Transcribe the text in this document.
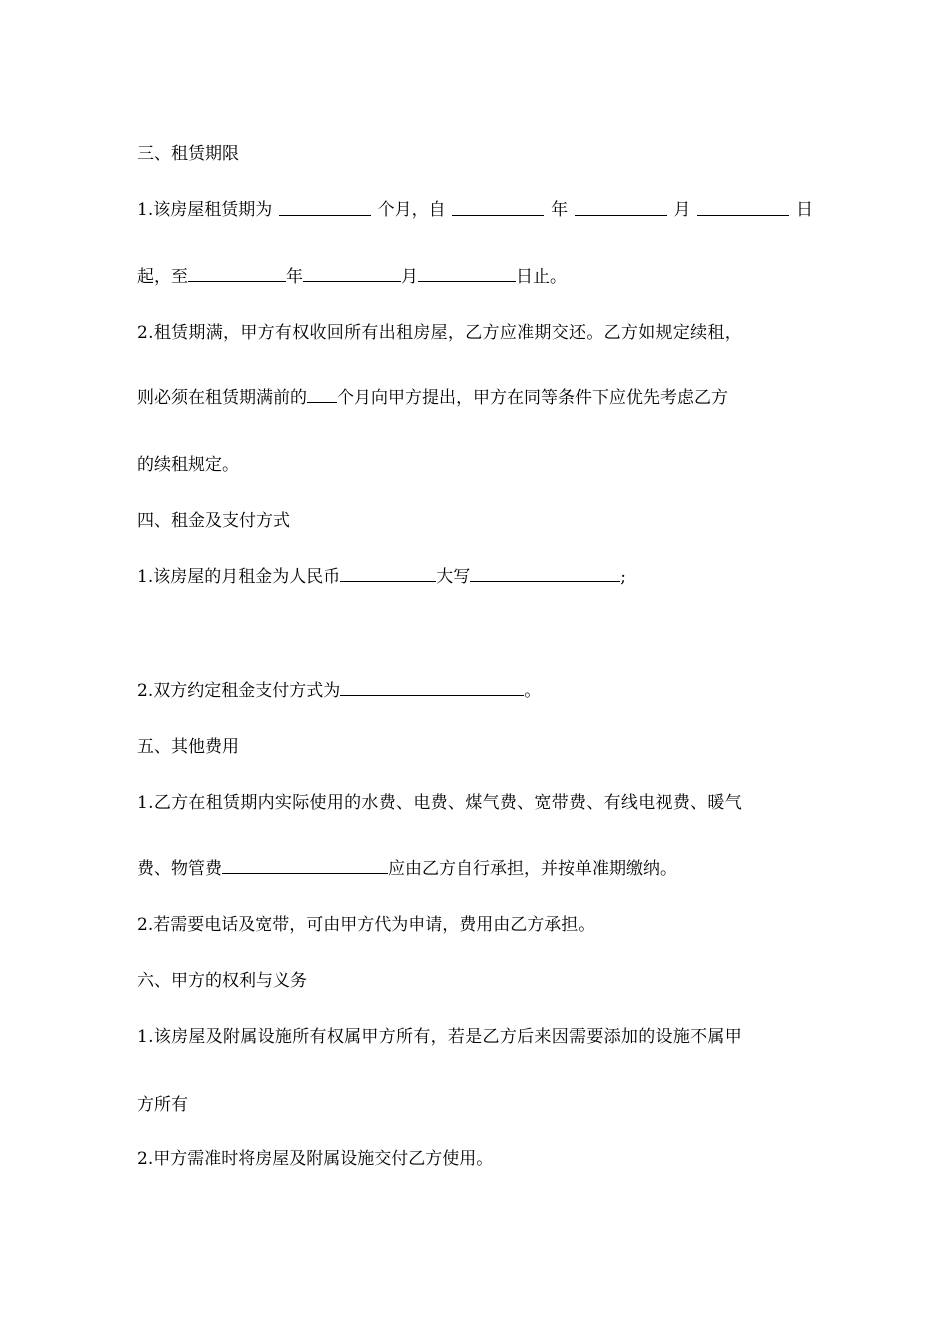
三、租赁期限

1.该房屋租赁期为	个月，自	年	月	日

起，至	年	月	日止。

2.租赁期满，甲方有权收回所有出租房屋，乙方应准期交还。乙方如规定续租，

则必须在租赁期满前的 个月向甲方提出，甲方在同等条件下应优先考虑乙方

的续租规定。

四、租金及支付方式

1.该房屋的月租金为人民币	大写	;

2.双方约定租金支付方式为	。

五、其他费用

1.乙方在租赁期内实际使用的水费、电费、煤气费、宽带费、有线电视费、暖气

费、物管费	应由乙方自行承担，并按单准期缴纳。

2.若需要电话及宽带，可由甲方代为申请，费用由乙方承担。

六、甲方的权利与义务

1.该房屋及附属设施所有权属甲方所有，若是乙方后来因需要添加的设施不属甲

方所有

2.甲方需准时将房屋及附属设施交付乙方使用。
